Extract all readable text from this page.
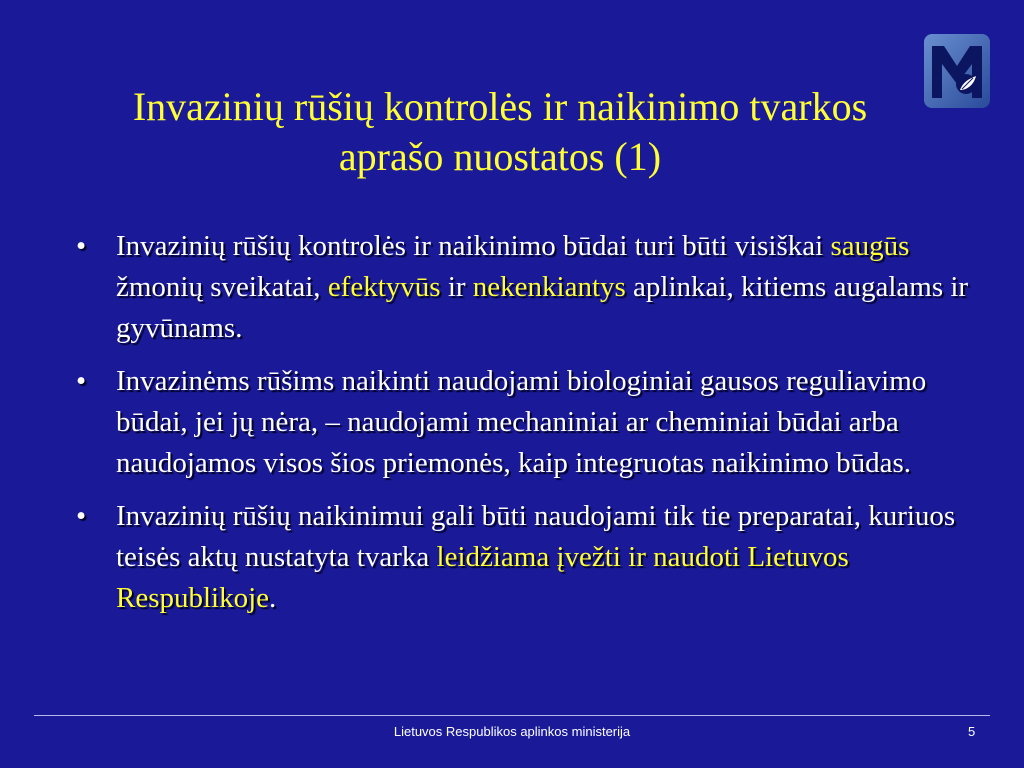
Invazinių rūšių kontrolės ir naikinimo tvarkos
aprašo nuostatos (1)
• Invazinių rūšių kontrolės ir naikinimo būdai turi būti visiškai saugūs žmonių sveikatai, efektyvūs ir nekenkiantys aplinkai, kitiems augalams ir gyvūnams.
• Invazinėms rūšims naikinti naudojami biologiniai gausos reguliavimo būdai, jei jų nėra, – naudojami mechaniniai ar cheminiai būdai arba naudojamos visos šios priemonės, kaip integruotas naikinimo būdas.
• Invazinių rūšių naikinimui gali būti naudojami tik tie preparatai, kuriuos teisės aktų nustatyta tvarka leidžiama įvežti ir naudoti Lietuvos Respublikoje.
Lietuvos Respublikos aplinkos ministerija	5
